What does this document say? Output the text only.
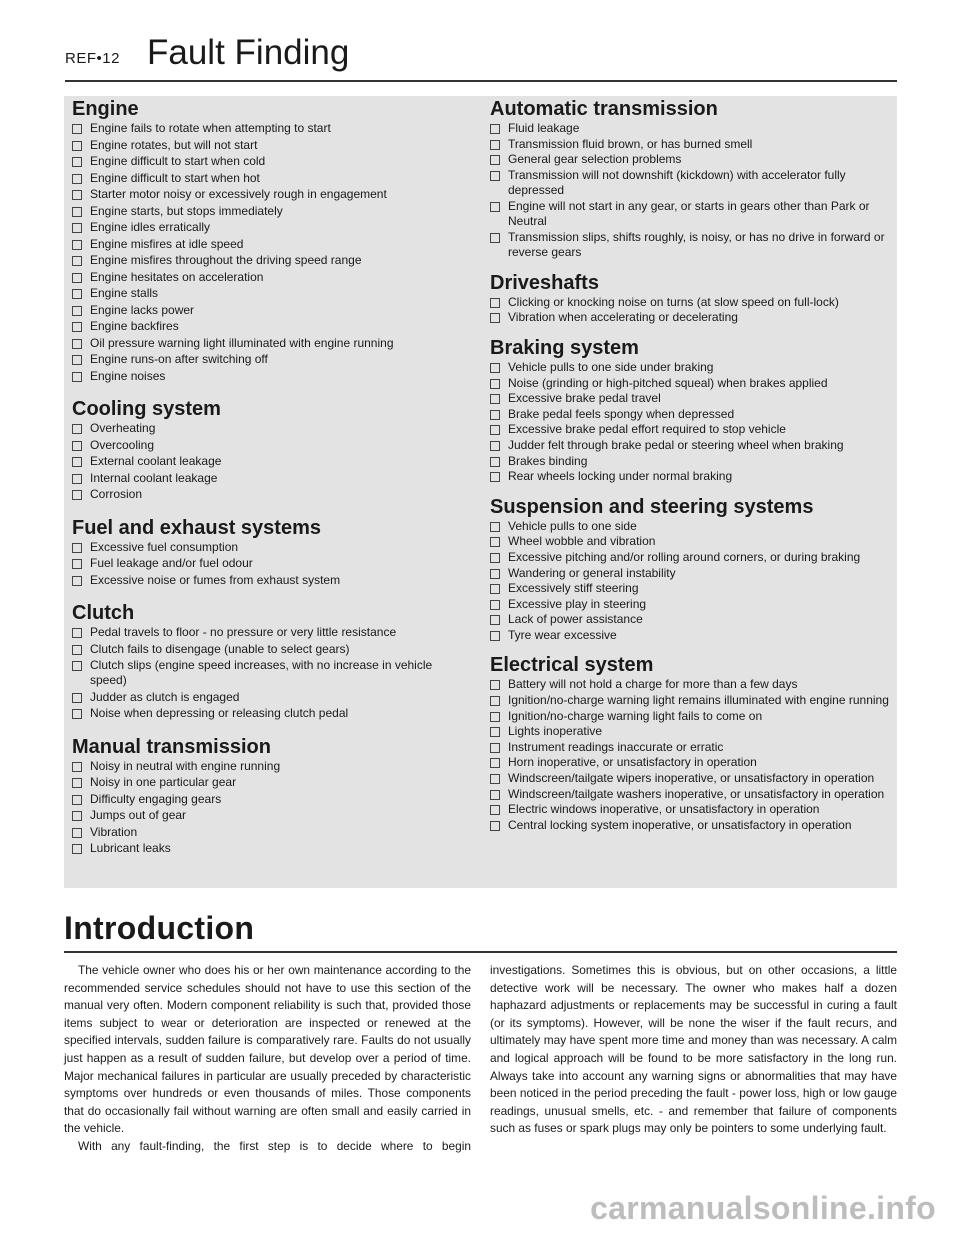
REF•12 Fault Finding
Engine
Engine fails to rotate when attempting to start
Engine rotates, but will not start
Engine difficult to start when cold
Engine difficult to start when hot
Starter motor noisy or excessively rough in engagement
Engine starts, but stops immediately
Engine idles erratically
Engine misfires at idle speed
Engine misfires throughout the driving speed range
Engine hesitates on acceleration
Engine stalls
Engine lacks power
Engine backfires
Oil pressure warning light illuminated with engine running
Engine runs-on after switching off
Engine noises
Cooling system
Overheating
Overcooling
External coolant leakage
Internal coolant leakage
Corrosion
Fuel and exhaust systems
Excessive fuel consumption
Fuel leakage and/or fuel odour
Excessive noise or fumes from exhaust system
Clutch
Pedal travels to floor - no pressure or very little resistance
Clutch fails to disengage (unable to select gears)
Clutch slips (engine speed increases, with no increase in vehicle speed)
Judder as clutch is engaged
Noise when depressing or releasing clutch pedal
Manual transmission
Noisy in neutral with engine running
Noisy in one particular gear
Difficulty engaging gears
Jumps out of gear
Vibration
Lubricant leaks
Automatic transmission
Fluid leakage
Transmission fluid brown, or has burned smell
General gear selection problems
Transmission will not downshift (kickdown) with accelerator fully depressed
Engine will not start in any gear, or starts in gears other than Park or Neutral
Transmission slips, shifts roughly, is noisy, or has no drive in forward or reverse gears
Driveshafts
Clicking or knocking noise on turns (at slow speed on full-lock)
Vibration when accelerating or decelerating
Braking system
Vehicle pulls to one side under braking
Noise (grinding or high-pitched squeal) when brakes applied
Excessive brake pedal travel
Brake pedal feels spongy when depressed
Excessive brake pedal effort required to stop vehicle
Judder felt through brake pedal or steering wheel when braking
Brakes binding
Rear wheels locking under normal braking
Suspension and steering systems
Vehicle pulls to one side
Wheel wobble and vibration
Excessive pitching and/or rolling around corners, or during braking
Wandering or general instability
Excessively stiff steering
Excessive play in steering
Lack of power assistance
Tyre wear excessive
Electrical system
Battery will not hold a charge for more than a few days
Ignition/no-charge warning light remains illuminated with engine running
Ignition/no-charge warning light fails to come on
Lights inoperative
Instrument readings inaccurate or erratic
Horn inoperative, or unsatisfactory in operation
Windscreen/tailgate wipers inoperative, or unsatisfactory in operation
Windscreen/tailgate washers inoperative, or unsatisfactory in operation
Electric windows inoperative, or unsatisfactory in operation
Central locking system inoperative, or unsatisfactory in operation
Introduction

The vehicle owner who does his or her own maintenance according to the recommended service schedules should not have to use this section of the manual very often. Modern component reliability is such that, provided those items subject to wear or deterioration are inspected or renewed at the specified intervals, sudden failure is comparatively rare. Faults do not usually just happen as a result of sudden failure, but develop over a period of time. Major mechanical failures in particular are usually preceded by characteristic symptoms over hundreds or even thousands of miles. Those components that do occasionally fail without warning are often small and easily carried in the vehicle.

With any fault-finding, the first step is to decide where to begin

investigations. Sometimes this is obvious, but on other occasions, a little detective work will be necessary. The owner who makes half a dozen haphazard adjustments or replacements may be successful in curing a fault (or its symptoms). However, will be none the wiser if the fault recurs, and ultimately may have spent more time and money than was necessary. A calm and logical approach will be found to be more satisfactory in the long run. Always take into account any warning signs or abnormalities that may have been noticed in the period preceding the fault - power loss, high or low gauge readings, unusual smells, etc. - and remember that failure of components such as fuses or spark plugs may only be pointers to some underlying fault.

carmanualsonline.info
